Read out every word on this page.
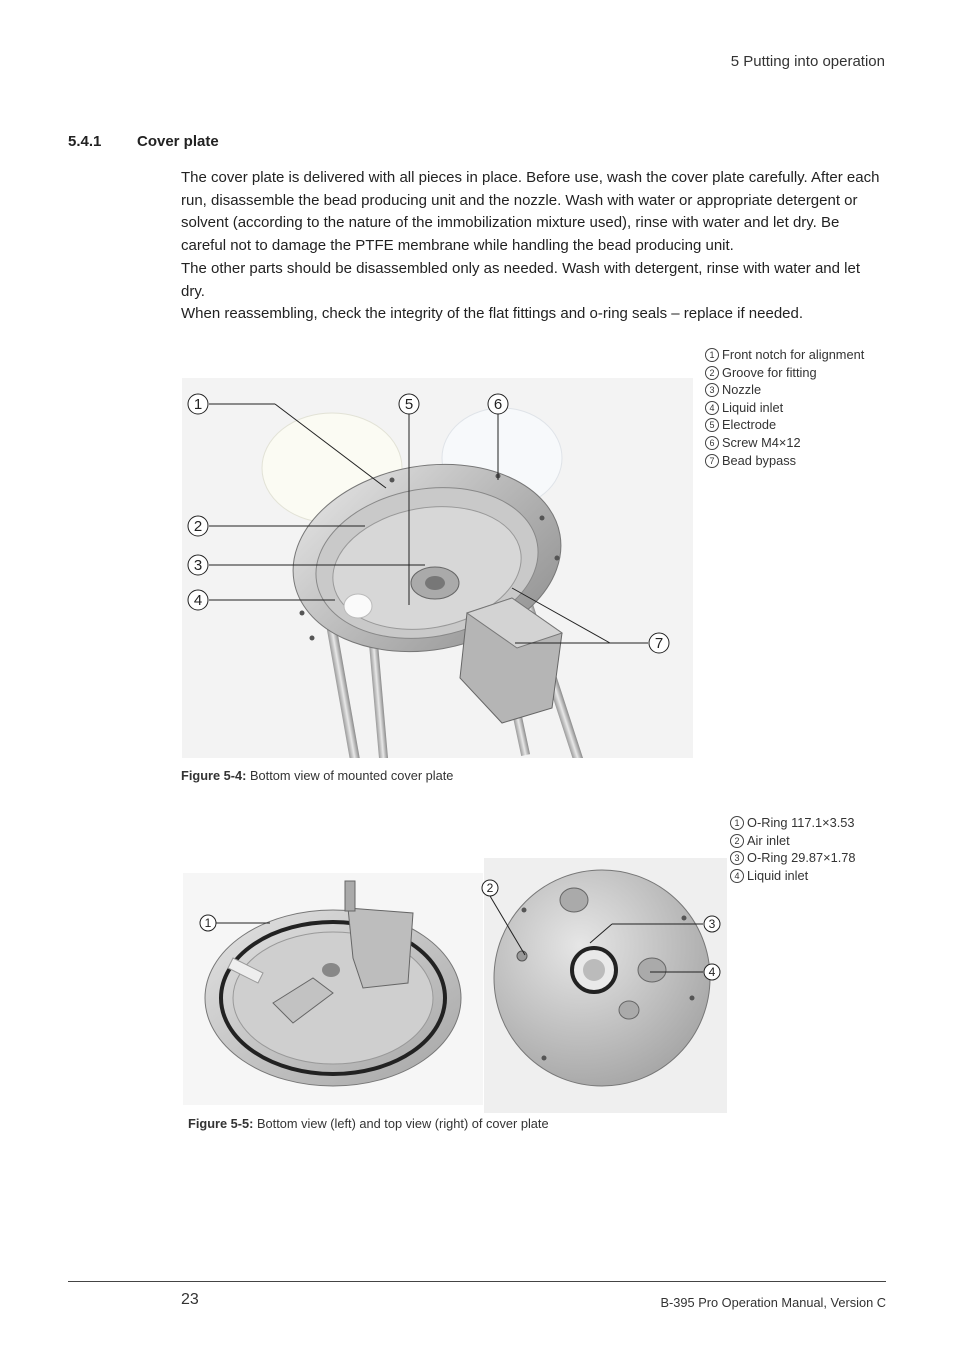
5 Putting into operation
5.4.1 Cover plate
The cover plate is delivered with all pieces in place. Before use, wash the cover plate carefully. After each run, disassemble the bead producing unit and the nozzle. Wash with water or appropriate detergent or solvent (according to the nature of the immobilization mixture used), rinse with water and let dry. Be careful not to damage the PTFE membrane while handling the bead producing unit.
The other parts should be disassembled only as needed. Wash with detergent, rinse with water and let dry.
When reassembling, check the integrity of the flat fittings and o-ring seals – replace if needed.
1
2
3
4
5	6
7
1 Front notch for alignment
2 Groove for fitting
3 Nozzle
4 Liquid inlet
5 Electrode
6 Screw M4×12
7 Bead bypass
Figure 5-4: Bottom view of mounted cover plate
1
2
3
4
1 O-Ring 117.1×3.53
2 Air inlet
3 O-Ring 29.87×1.78
4 Liquid inlet
Figure 5-5: Bottom view (left) and top view (right) of cover plate
23	B-395 Pro Operation Manual, Version C
